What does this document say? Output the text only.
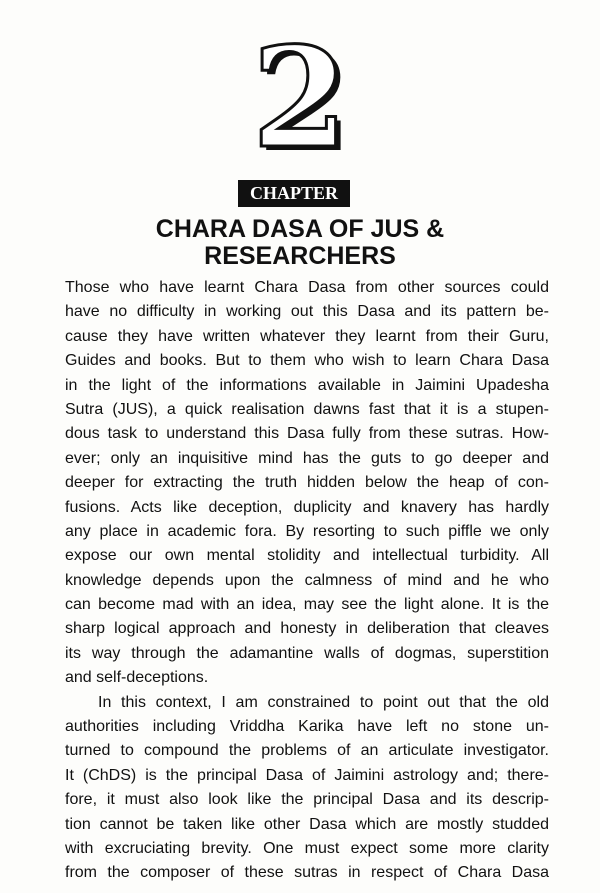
2
CHAPTER
CHARA DASA OF JUS &
RESEARCHERS
Those who have learnt Chara Dasa from other sources could
have no difficulty in working out this Dasa and its pattern be-
cause they have written whatever they learnt from their Guru,
Guides and books. But to them who wish to learn Chara Dasa
in the light of the informations available in Jaimini Upadesha
Sutra (JUS), a quick realisation dawns fast that it is a stupen-
dous task to understand this Dasa fully from these sutras. How-
ever; only an inquisitive mind has the guts to go deeper and
deeper for extracting the truth hidden below the heap of con-
fusions. Acts like deception, duplicity and knavery has hardly
any place in academic fora. By resorting to such piffle we only
expose our own mental stolidity and intellectual turbidity. All
knowledge depends upon the calmness of mind and he who
can become mad with an idea, may see the light alone. It is the
sharp logical approach and honesty in deliberation that cleaves
its way through the adamantine walls of dogmas, superstition
and self-deceptions.
In this context, I am constrained to point out that the old
authorities including Vriddha Karika have left no stone un-
turned to compound the problems of an articulate investigator.
It (ChDS) is the principal Dasa of Jaimini astrology and; there-
fore, it must also look like the principal Dasa and its descrip-
tion cannot be taken like other Dasa which are mostly studded
with excruciating brevity. One must expect some more clarity
from the composer of these sutras in respect of Chara Dasa
